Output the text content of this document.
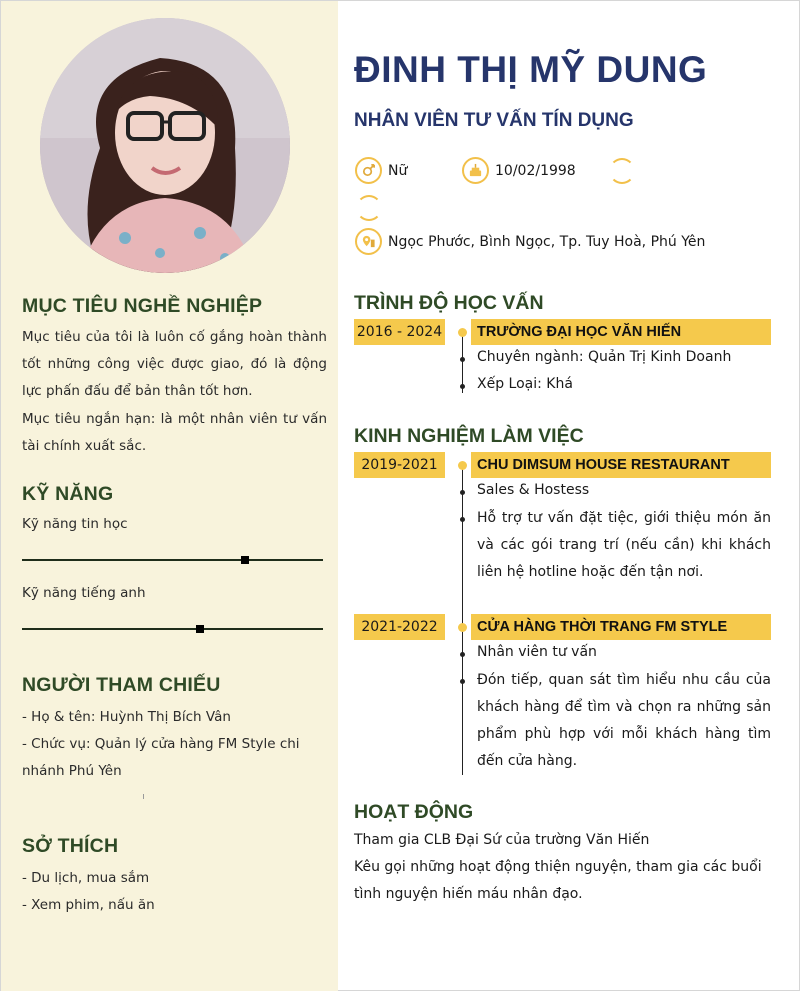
MỤC TIÊU NGHỀ NGHIỆP
Mục tiêu của tôi là luôn cố gắng hoàn thành tốt những công việc được giao, đó là động lực phấn đấu để bản thân tốt hơn.
Mục tiêu ngắn hạn: là một nhân viên tư vấn tài chính xuất sắc.
KỸ NĂNG
Kỹ năng tin học
Kỹ năng tiếng anh
NGƯỜI THAM CHIẾU
- Họ & tên: Huỳnh Thị Bích Vân
- Chức vụ: Quản lý cửa hàng FM Style chi nhánh Phú Yên
SỞ THÍCH
- Du lịch, mua sắm
- Xem phim, nấu ăn
ĐINH THỊ MỸ DUNG
NHÂN VIÊN TƯ VẤN TÍN DỤNG
Nữ	10/02/1998
Ngọc Phước, Bình Ngọc, Tp. Tuy Hoà, Phú Yên
TRÌNH ĐỘ HỌC VẤN
2016 - 2024	TRƯỜNG ĐẠI HỌC VĂN HIẾN
Chuyên ngành: Quản Trị Kinh Doanh
Xếp Loại: Khá
KINH NGHIỆM LÀM VIỆC
2019-2021	CHU DIMSUM HOUSE RESTAURANT
Sales & Hostess
Hỗ trợ tư vấn đặt tiệc, giới thiệu món ăn và các gói trang trí (nếu cần) khi khách liên hệ hotline hoặc đến tận nơi.
2021-2022	CỬA HÀNG THỜI TRANG FM STYLE
Nhân viên tư vấn
Đón tiếp, quan sát tìm hiểu nhu cầu của khách hàng để tìm và chọn ra những sản phẩm phù hợp với mỗi khách hàng tìm đến cửa hàng.
HOẠT ĐỘNG
Tham gia CLB Đại Sứ của trường Văn Hiến
Kêu gọi những hoạt động thiện nguyện, tham gia các buổi tình nguyện hiến máu nhân đạo.
